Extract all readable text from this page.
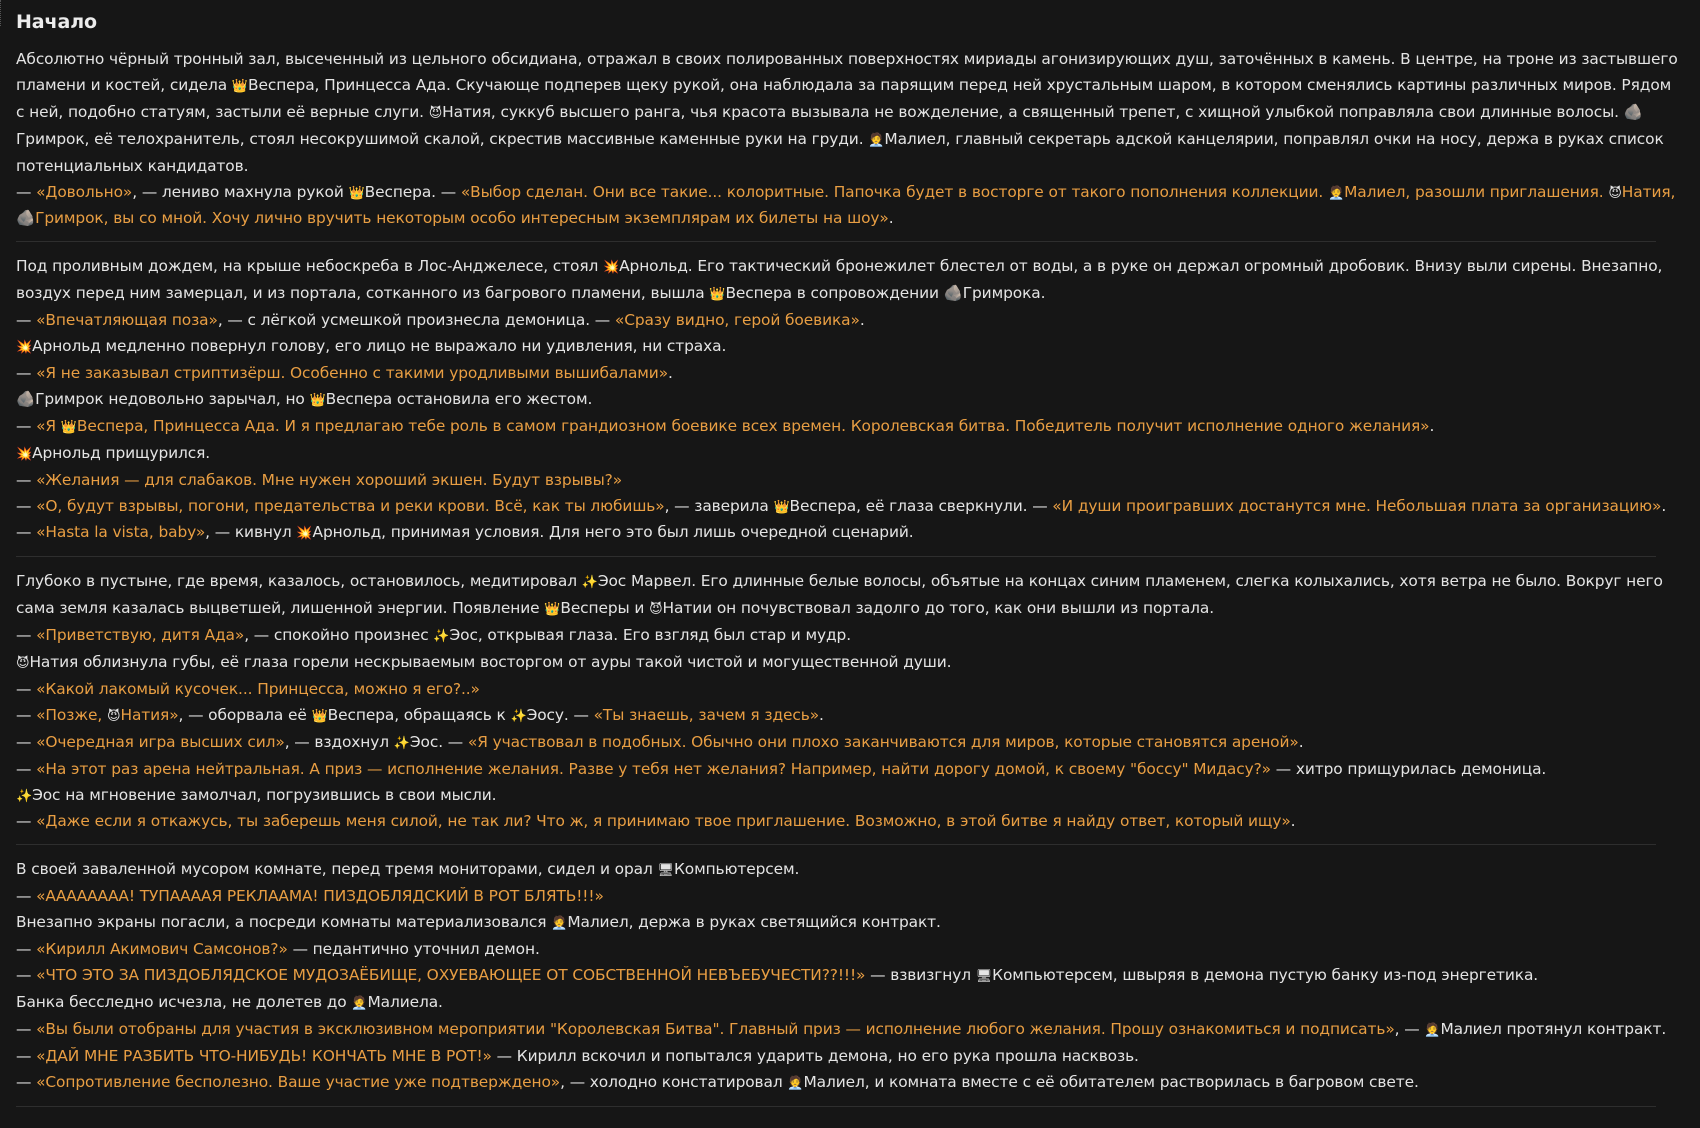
Начало

Абсолютно чёрный тронный зал, высеченный из цельного обсидиана, отражал в своих полированных поверхностях мириады агонизирующих душ, заточённых в камень. В центре, на троне из застывшего пламени и костей, сидела 👑Веспера, Принцесса Ада. Скучающе подперев щеку рукой, она наблюдала за парящим перед ней хрустальным шаром, в котором сменялись картины различных миров. Рядом с ней, подобно статуям, застыли её верные слуги. 😈Натия, суккуб высшего ранга, чья красота вызывала не вожделение, а священный трепет, с хищной улыбкой поправляла свои длинные волосы. 🪨Гримрок, её телохранитель, стоял несокрушимой скалой, скрестив массивные каменные руки на груди. 🧑‍💼Малиел, главный секретарь адской канцелярии, поправлял очки на носу, держа в руках список потенциальных кандидатов.

— «Довольно», — лениво махнула рукой 👑Веспера. — «Выбор сделан. Они все такие... колоритные. Папочка будет в восторге от такого пополнения коллекции. 🧑‍💼Малиел, разошли приглашения. 😈Натия, 🪨Гримрок, вы со мной. Хочу лично вручить некоторым особо интересным экземплярам их билеты на шоу».

Под проливным дождем, на крыше небоскреба в Лос-Анджелесе, стоял 💥Арнольд. Его тактический бронежилет блестел от воды, а в руке он держал огромный дробовик. Внизу выли сирены. Внезапно, воздух перед ним замерцал, и из портала, сотканного из багрового пламени, вышла 👑Веспера в сопровождении 🪨Гримрока.

— «Впечатляющая поза», — с лёгкой усмешкой произнесла демоница. — «Сразу видно, герой боевика».

💥Арнольд медленно повернул голову, его лицо не выражало ни удивления, ни страха.

— «Я не заказывал стриптизёрш. Особенно с такими уродливыми вышибалами».

🪨Гримрок недовольно зарычал, но 👑Веспера остановила его жестом.

— «Я 👑Веспера, Принцесса Ада. И я предлагаю тебе роль в самом грандиозном боевике всех времен. Королевская битва. Победитель получит исполнение одного желания».

💥Арнольд прищурился.

— «Желания — для слабаков. Мне нужен хороший экшен. Будут взрывы?»

— «О, будут взрывы, погони, предательства и реки крови. Всё, как ты любишь», — заверила 👑Веспера, её глаза сверкнули. — «И души проигравших достанутся мне. Небольшая плата за организацию».

— «Hasta la vista, baby», — кивнул 💥Арнольд, принимая условия. Для него это был лишь очередной сценарий.

Глубоко в пустыне, где время, казалось, остановилось, медитировал ✨Эос Марвел. Его длинные белые волосы, объятые на концах синим пламенем, слегка колыхались, хотя ветра не было. Вокруг него сама земля казалась выцветшей, лишенной энергии. Появление 👑Весперы и 😈Натии он почувствовал задолго до того, как они вышли из портала.

— «Приветствую, дитя Ада», — спокойно произнес ✨Эос, открывая глаза. Его взгляд был стар и мудр.

😈Натия облизнула губы, её глаза горели нескрываемым восторгом от ауры такой чистой и могущественной души.

— «Какой лакомый кусочек... Принцесса, можно я его?..»

— «Позже, 😈Натия», — оборвала её 👑Веспера, обращаясь к ✨Эосу. — «Ты знаешь, зачем я здесь».

— «Очередная игра высших сил», — вздохнул ✨Эос. — «Я участвовал в подобных. Обычно они плохо заканчиваются для миров, которые становятся ареной».

— «На этот раз арена нейтральная. А приз — исполнение желания. Разве у тебя нет желания? Например, найти дорогу домой, к своему "боссу" Мидасу?» — хитро прищурилась демоница.

✨Эос на мгновение замолчал, погрузившись в свои мысли.

— «Даже если я откажусь, ты заберешь меня силой, не так ли? Что ж, я принимаю твое приглашение. Возможно, в этой битве я найду ответ, который ищу».

В своей заваленной мусором комнате, перед тремя мониторами, сидел и орал 🖥Компьютерсем.

— «АААААААА! ТУПААААЯ РЕКЛААМА! ПИЗДОБЛЯДСКИЙ В РОТ БЛЯТЬ!!!»

Внезапно экраны погасли, а посреди комнаты материализовался 🧑‍💼Малиел, держа в руках светящийся контракт.

— «Кирилл Акимович Самсонов?» — педантично уточнил демон.

— «ЧТО ЭТО ЗА ПИЗДОБЛЯДСКОЕ МУДОЗАЁБИЩЕ, ОХУЕВАЮЩЕЕ ОТ СОБСТВЕННОЙ НЕВЪЕБУЧЕСТИ??!!!» — взвизгнул 🖥Компьютерсем, швыряя в демона пустую банку из-под энергетика.

Банка бесследно исчезла, не долетев до 🧑‍💼Малиела.

— «Вы были отобраны для участия в эксклюзивном мероприятии "Королевская Битва". Главный приз — исполнение любого желания. Прошу ознакомиться и подписать», — 🧑‍💼Малиел протянул контракт.

— «ДАЙ МНЕ РАЗБИТЬ ЧТО-НИБУДЬ! КОНЧАТЬ МНЕ В РОТ!» — Кирилл вскочил и попытался ударить демона, но его рука прошла насквозь.

— «Сопротивление бесполезно. Ваше участие уже подтверждено», — холодно констатировал 🧑‍💼Малиел, и комната вместе с её обитателем растворилась в багровом свете.
